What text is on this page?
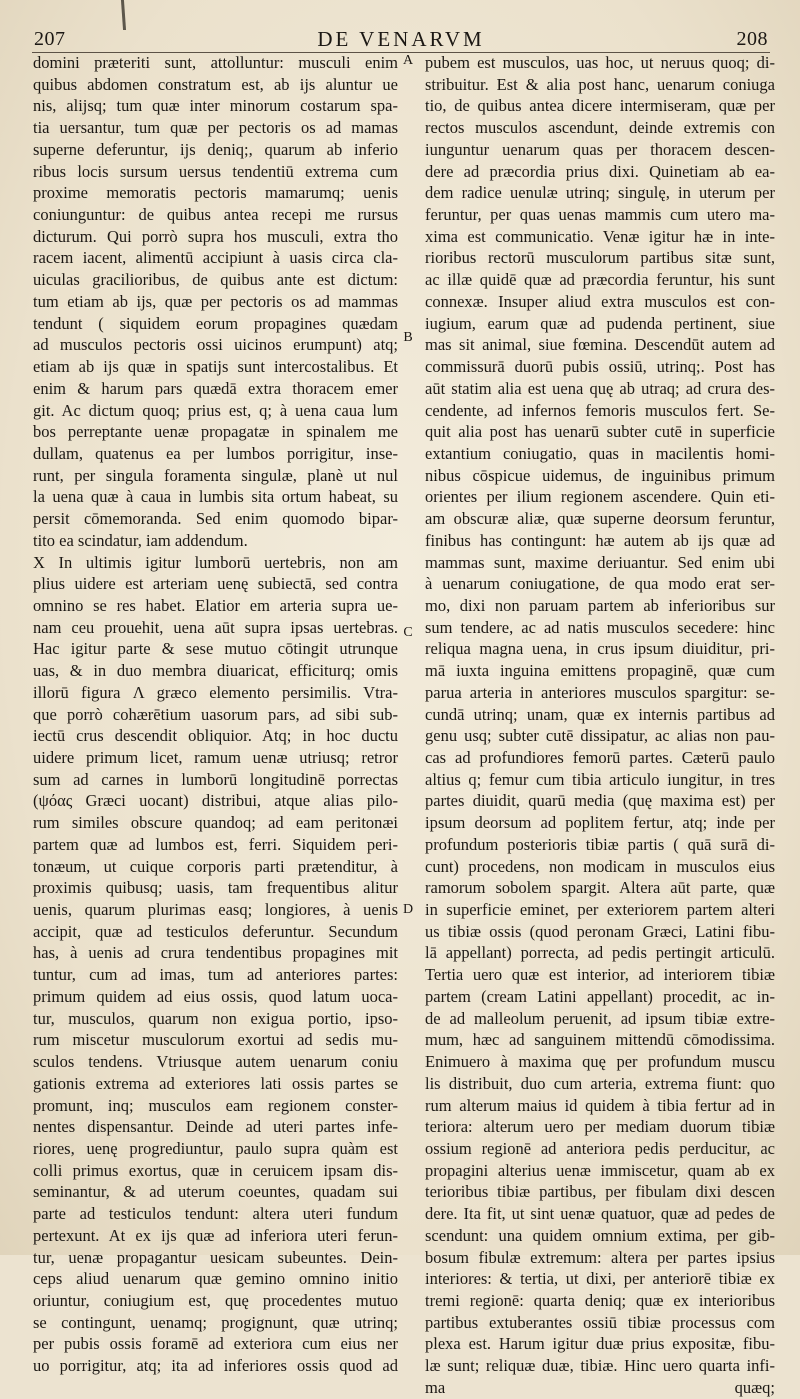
207	DE VENARVM	208
domini præteriti sunt, attolluntur: musculi enim
quibus abdomen constratum est, ab ijs aluntur ue
nis, alijsq; tum quæ inter minorum costarum spa-
tia uersantur, tum quæ per pectoris os ad mamas
superne deferuntur, ijs deniq;, quarum ab inferio
ribus locis sursum uersus tendentiū extrema cum
proxime memoratis pectoris mamarumq; uenis
coniunguntur: de quibus antea recepi me rursus
dicturum. Qui porrò supra hos musculi, extra tho
racem iacent, alimentū accipiunt à uasis circa cla-
uiculas gracilioribus, de quibus ante est dictum:
tum etiam ab ijs, quæ per pectoris os ad mammas
tendunt ( siquidem eorum propagines quædam
ad musculos pectoris ossi uicinos erumpunt) atq;
etiam ab ijs quæ in spatijs sunt intercostalibus. Et
enim & harum pars quædā extra thoracem emer
git. Ac dictum quoq; prius est, q; à uena caua lum
bos perreptante uenæ propagatæ in spinalem me
dullam, quatenus ea per lumbos porrigitur, inse-
runt, per singula foramenta singulæ, planè ut nul
la uena quæ à caua in lumbis sita ortum habeat, su
persit cōmemoranda. Sed enim quomodo bipar-
tito ea scindatur, iam addendum.
X In ultimis igitur lumborū uertebris, non am
plius uidere est arteriam uenę subiectā, sed contra
omnino se res habet. Elatior em arteria supra ue-
nam ceu prouehit, uena aūt supra ipsas uertebras.
Hac igitur parte & sese mutuo cōtingit utrunque
uas, & in duo membra diuaricat, efficiturq; omis
illorū figura Λ græco elemento persimilis. Vtra-
que porrò cohærētium uasorum pars, ad sibi sub-
iectū crus descendit obliquior. Atq; in hoc ductu
uidere primum licet, ramum uenæ utriusq; retror
sum ad carnes in lumborū longitudinē porrectas
(ψόας Græci uocant) distribui, atque alias pilo-
rum similes obscure quandoq; ad eam peritonæi
partem quæ ad lumbos est, ferri. Siquidem peri-
tonæum, ut cuique corporis parti prætenditur, à
proximis quibusq; uasis, tam frequentibus alitur
uenis, quarum plurimas easq; longiores, à uenis
accipit, quæ ad testiculos deferuntur. Secundum
has, à uenis ad crura tendentibus propagines mit
tuntur, cum ad imas, tum ad anteriores partes:
primum quidem ad eius ossis, quod latum uoca-
tur, musculos, quarum non exigua portio, ipso-
rum miscetur musculorum exortui ad sedis mu-
sculos tendens. Vtriusque autem uenarum coniu
gationis extrema ad exteriores lati ossis partes se
promunt, inq; musculos eam regionem conster-
nentes dispensantur. Deinde ad uteri partes infe-
riores, uenę progrediuntur, paulo supra quàm est
colli primus exortus, quæ in ceruicem ipsam dis-
seminantur, & ad uterum coeuntes, quadam sui
parte ad testiculos tendunt: altera uteri fundum
pertexunt. At ex ijs quæ ad inferiora uteri ferun-
tur, uenæ propagantur uesicam subeuntes. Dein-
ceps aliud uenarum quæ gemino omnino initio
oriuntur, coniugium est, quę procedentes mutuo
se contingunt, uenamq; progignunt, quæ utrinq;
per pubis ossis foramē ad exteriora cum eius ner
uo porrigitur, atq; ita ad inferiores ossis quod ad
A
B
C
D
pubem est musculos, uas hoc, ut neruus quoq; di-
stribuitur. Est & alia post hanc, uenarum coniuga
tio, de quibus antea dicere intermiseram, quæ per
rectos musculos ascendunt, deinde extremis con
iunguntur uenarum quas per thoracem descen-
dere ad præcordia prius dixi. Quinetiam ab ea-
dem radice uenulæ utrinq; singulę, in uterum per
feruntur, per quas uenas mammis cum utero ma-
xima est communicatio. Venæ igitur hæ in inte-
rioribus rectorū musculorum partibus sitæ sunt,
ac illæ quidē quæ ad præcordia feruntur, his sunt
connexæ. Insuper aliud extra musculos est con-
iugium, earum quæ ad pudenda pertinent, siue
mas sit animal, siue fœmina. Descendūt autem ad
commissurā duorū pubis ossiū, utrinq;. Post has
aūt statim alia est uena quę ab utraq; ad crura des-
cendente, ad infernos femoris musculos fert. Se-
quit alia post has uenarū subter cutē in superficie
extantium coniugatio, quas in macilentis homi-
nibus cōspicue uidemus, de inguinibus primum
orientes per ilium regionem ascendere. Quin eti-
am obscuræ aliæ, quæ superne deorsum feruntur,
finibus has contingunt: hæ autem ab ijs quæ ad
mammas sunt, maxime deriuantur. Sed enim ubi
à uenarum coniugatione, de qua modo erat ser-
mo, dixi non paruam partem ab inferioribus sur
sum tendere, ac ad natis musculos secedere: hinc
reliqua magna uena, in crus ipsum diuiditur, pri-
mā iuxta inguina emittens propaginē, quæ cum
parua arteria in anteriores musculos spargitur: se-
cundā utrinq; unam, quæ ex internis partibus ad
genu usq; subter cutē dissipatur, ac alias non pau-
cas ad profundiores femorū partes. Cæterū paulo
altius q; femur cum tibia articulo iungitur, in tres
partes diuidit, quarū media (quę maxima est) per
ipsum deorsum ad poplitem fertur, atq; inde per
profundum posterioris tibiæ partis ( quā surā di-
cunt) procedens, non modicam in musculos eius
ramorum sobolem spargit. Altera aūt parte, quæ
in superficie eminet, per exteriorem partem alteri
us tibiæ ossis (quod peronam Græci, Latini fibu-
lā appellant) porrecta, ad pedis pertingit articulū.
Tertia uero quæ est interior, ad interiorem tibiæ
partem (cream Latini appellant) procedit, ac in-
de ad malleolum peruenit, ad ipsum tibiæ extre-
mum, hæc ad sanguinem mittendū cōmodissima.
Enimuero à maxima quę per profundum muscu
lis distribuit, duo cum arteria, extrema fiunt: quo
rum alterum maius id quidem à tibia fertur ad in
teriora: alterum uero per mediam duorum tibiæ
ossium regionē ad anteriora pedis perducitur, ac
propagini alterius uenæ immiscetur, quam ab ex
terioribus tibiæ partibus, per fibulam dixi descen
dere. Ita fit, ut sint uenæ quatuor, quæ ad pedes de
scendunt: una quidem omnium extima, per gib-
bosum fibulæ extremum: altera per partes ipsius
interiores: & tertia, ut dixi, per anteriorē tibiæ ex
tremi regionē: quarta deniq; quæ ex interioribus
partibus extuberantes ossiū tibiæ processus com
plexa est. Harum igitur duæ prius expositæ, fibu-
læ sunt; reliquæ duæ, tibiæ. Hinc uero quarta infi-
ma quæq;
